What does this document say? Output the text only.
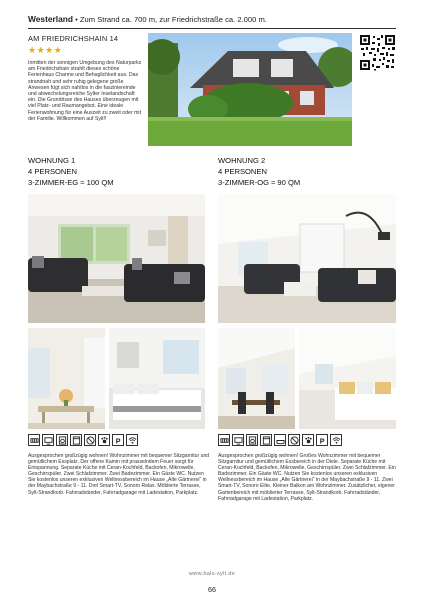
Westerland • Zum Strand ca. 700 m, zur Friedrichstraße ca. 2.000 m.
AM FRIEDRICHSHAIN 14
★★★★
Inmitten der sonnigen Umgebung des Naturparks am Friedrichshain strahlt dieses schöne Ferienhaus Charme und Behaglichkeit aus. Das strandnah und sehr ruhig gelegene große Anwesen fügt sich nahtlos in die fasziniereinde und abwechslungsreiche Sylter Inselandschaft ein. Die Grundrisse des Hauses überzeugen mit viel Platz- und Raumangebot. Eine ideale Ferienwohnung für eine Auszeit zu zweit oder mit der Familie. Willkommen auf Sylt!!
WOHNUNG 1
4 PERSONEN
3-ZIMMER-EG ≈ 100 QM
WOHNUNG 2
4 PERSONEN
3-ZIMMER-OG ≈ 90 QM
P	P
Ausgesprochen großzügig wohnen! Wohnzimmer mit bequemer Sitzgarnitur und gemütlichem Essplatz. Der offene Kamin mit prasselndem Feuer sorgt für Entspannung. Separate Küche mit Ceran-Kochfeld, Backofen, Mikrowelle, Geschirrspüler. Zwei Schlafzimmer. Zwei Badezimmer. Ein Gäste WC. Nutzen Sie kostenlos unseren exklusiven Wellnessbereich im Hause „Alte Gärtnerei“ in der Maybachstraße 9 - 11. Drei Smart-TV, Sonoro Relax. Möblierte Terrasse, Sylt-Strandkorb. Fahrradständer, Fahrradgarage mit Ladestation, Parkplatz.
Ausgesprochen großzügig wohnen! Großes Wohnzimmer mit bequemer Sitzgarnitur und gemütlichem Essbereich in der Diele. Separate Küche mit Ceran-Kochfeld, Backofen, Mikrowelle, Geschirrspüler. Zwei Schlafzimmer. Ein Badezimmer. Ein Gäste WC. Nutzen Sie kostenlos unseren exklusiven Wellnessbereich im Hause „Alte Gärtnerei“ in der Maybachstraße 9 - 11. Zwei Smart-TV, Sonoro Elite. Kleiner Balkon am Wohnzimmer. Zusätzlicher, eigener Gartenbereich mit möblierter Terrasse, Sylt-Strandkorb. Fahrradständer, Fahrradgarage mit Ladestation, Parkplatz.
www.bals-sylt.de
66
